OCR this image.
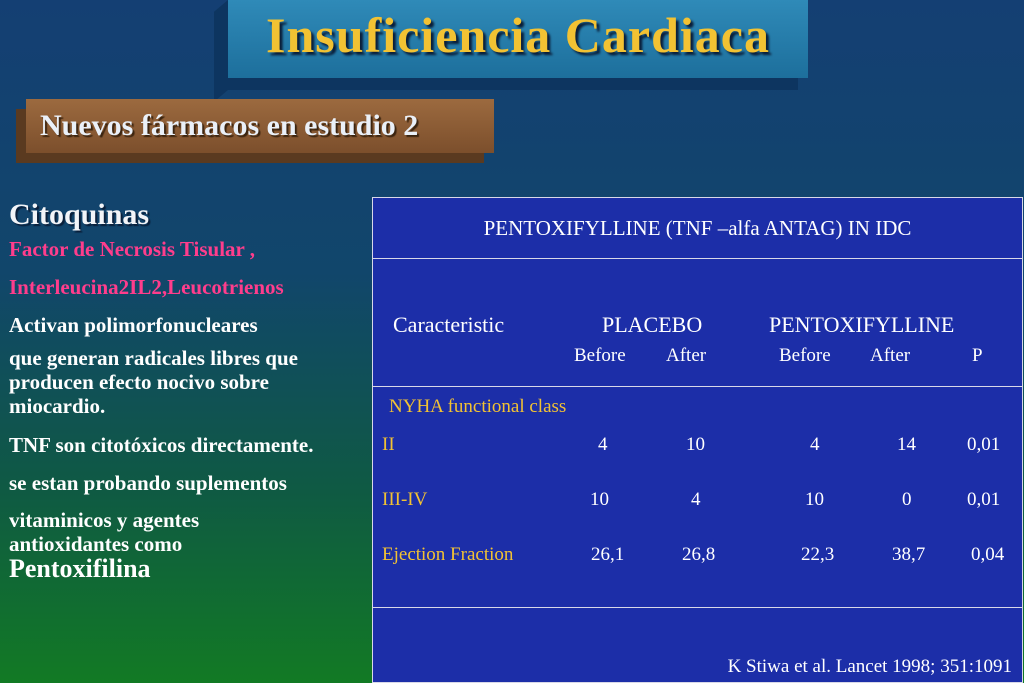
Insuficiencia Cardiaca
Nuevos fármacos en estudio 2
Citoquinas
Factor de Necrosis Tisular ,
Interleucina2IL2,Leucotrienos
Activan polimorfonucleares
que generan radicales libres que producen efecto nocivo sobre miocardio.
TNF son citotóxicos directamente.
se estan probando suplementos
vitaminicos y agentes antioxidantes como
Pentoxifilina
PENTOXIFYLLINE (TNF –alfa ANTAG) IN IDC
Caracteristic	PLACEBO	PENTOXIFYLLINE
Before After	Before After	P
NYHA functional class
II	4	10	4	14	0,01
III-IV	10	4	10	0	0,01
Ejection Fraction	26,1	26,8	22,3	38,7 0,04
K Stiwa et al. Lancet 1998; 351:1091
